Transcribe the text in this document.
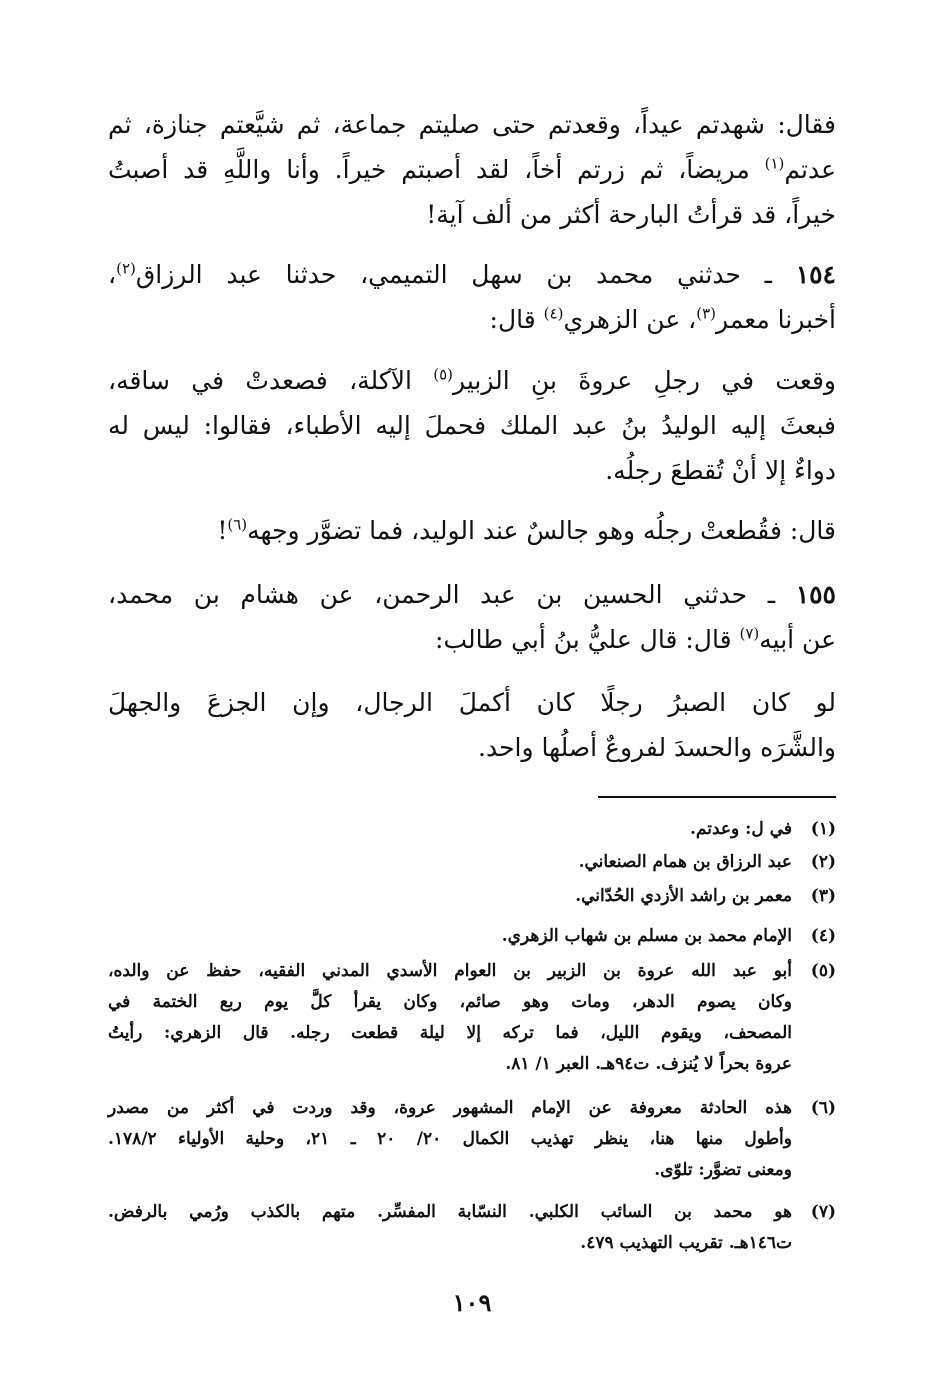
فقال: شهدتم عيداً، وقعدتم حتى صليتم جماعة، ثم شيَّعتم جنازة، ثم
عدتم$^{(١)}$ مريضاً، ثم زرتم أخاً، لقد أصبتم خيراً. وأنا واللَّهِ قد أصبتُ
خيراً، قد قرأتُ البارحة أكثر من ألف آية!
١٥٤ ـ حدثني محمد بن سهل التميمي، حدثنا عبد الرزاق$^{(٢)}$،
أخبرنا معمر$^{(٣)}$، عن الزهري$^{(٤)}$ قال:
وقعت في رجلِ عروةَ بنِ الزبير$^{(٥)}$ الآكلة، فصعدتْ في ساقه،
فبعثَ إليه الوليدُ بنُ عبد الملك فحملَ إليه الأطباء، فقالوا: ليس له
دواءٌ إلا أنْ تُقطعَ رجلُه.
قال: فقُطعتْ رجلُه وهو جالسٌ عند الوليد، فما تضوَّر وجهه$^{(٦)}$!
١٥٥ ـ حدثني الحسين بن عبد الرحمن، عن هشام بن محمد،
عن أبيه$^{(٧)}$ قال: قال عليُّ بنُ أبي طالب:
لو كان الصبرُ رجلًا كان أكملَ الرجال، وإن الجزعَ والجهلَ
والشَّرَه والحسدَ لفروعٌ أصلُها واحد.
(١)
في ل: وعدتم.
(٢)
عبد الرزاق بن همام الصنعاني.
(٣)
معمر بن راشد الأزدي الحُدّاني.
(٤)
الإمام محمد بن مسلم بن شهاب الزهري.
(٥)
أبو عبد الله عروة بن الزبير بن العوام الأسدي المدني الفقيه، حفظ عن والده،
وكان يصوم الدهر، ومات وهو صائم، وكان يقرأ كلَّ يوم ربع الختمة في
المصحف، ويقوم الليل، فما تركه إلا ليلة قطعت رجله. قال الزهري: رأيتُ
عروة بحراً لا يُنزف. ت٩٤هـ. العبر ١/ ٨١.
(٦)
هذه الحادثة معروفة عن الإمام المشهور عروة، وقد وردت في أكثر من مصدر
وأطول منها هنا، ينظر تهذيب الكمال ٢٠/ ٢٠ ـ ٢١، وحلية الأولياء ١٧٨/٢.
ومعنى تضوَّر: تلوّى.
(٧)
هو محمد بن السائب الكلبي. النسّابة المفسِّر. متهم بالكذب ورُمي بالرفض.
ت١٤٦هـ. تقريب التهذيب ٤٧٩.
١٠٩
